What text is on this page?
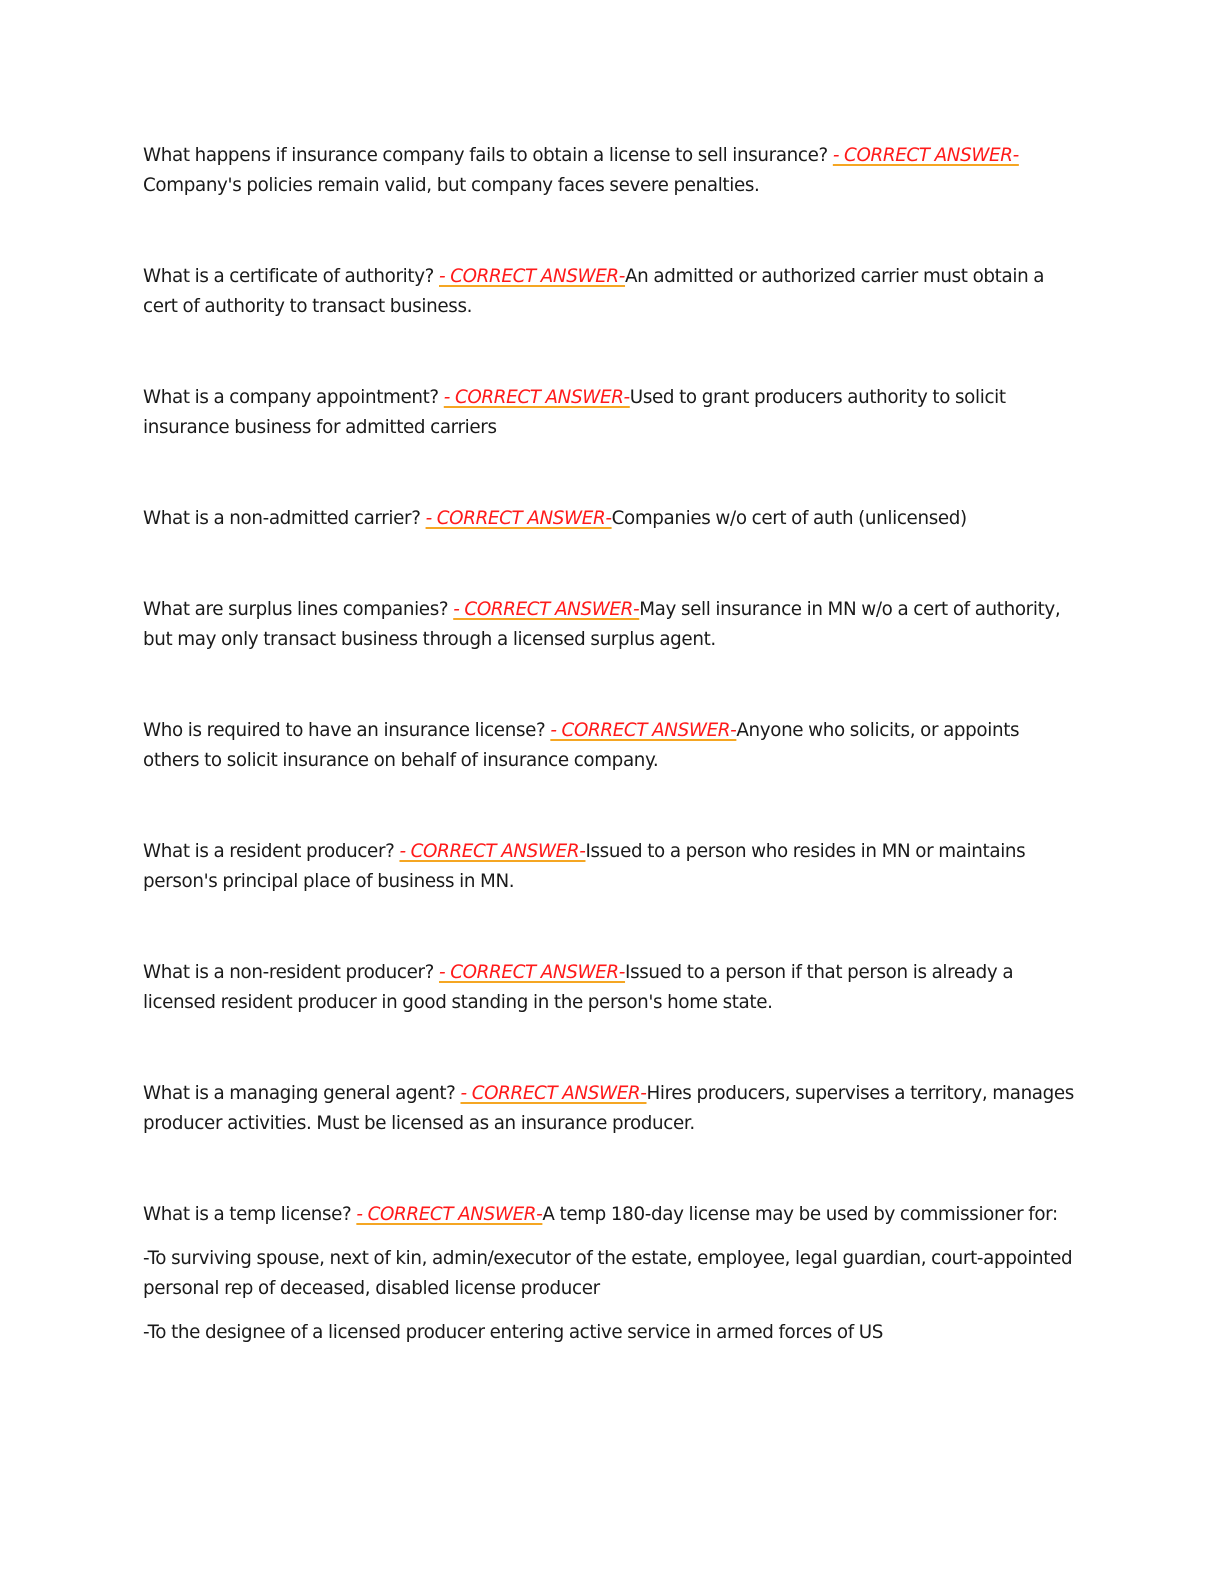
What happens if insurance company fails to obtain a license to sell insurance? - CORRECT ANSWER-Company's policies remain valid, but company faces severe penalties.

What is a certificate of authority? - CORRECT ANSWER-An admitted or authorized carrier must obtain a cert of authority to transact business.

What is a company appointment? - CORRECT ANSWER-Used to grant producers authority to solicit insurance business for admitted carriers

What is a non-admitted carrier? - CORRECT ANSWER-Companies w/o cert of auth (unlicensed)

What are surplus lines companies? - CORRECT ANSWER-May sell insurance in MN w/o a cert of authority, but may only transact business through a licensed surplus agent.

Who is required to have an insurance license? - CORRECT ANSWER-Anyone who solicits, or appoints others to solicit insurance on behalf of insurance company.

What is a resident producer? - CORRECT ANSWER-Issued to a person who resides in MN or maintains person's principal place of business in MN.

What is a non-resident producer? - CORRECT ANSWER-Issued to a person if that person is already a licensed resident producer in good standing in the person's home state.

What is a managing general agent? - CORRECT ANSWER-Hires producers, supervises a territory, manages producer activities. Must be licensed as an insurance producer.

What is a temp license? - CORRECT ANSWER-A temp 180-day license may be used by commissioner for:

-To surviving spouse, next of kin, admin/executor of the estate, employee, legal guardian, court-appointed personal rep of deceased, disabled license producer

-To the designee of a licensed producer entering active service in armed forces of US
